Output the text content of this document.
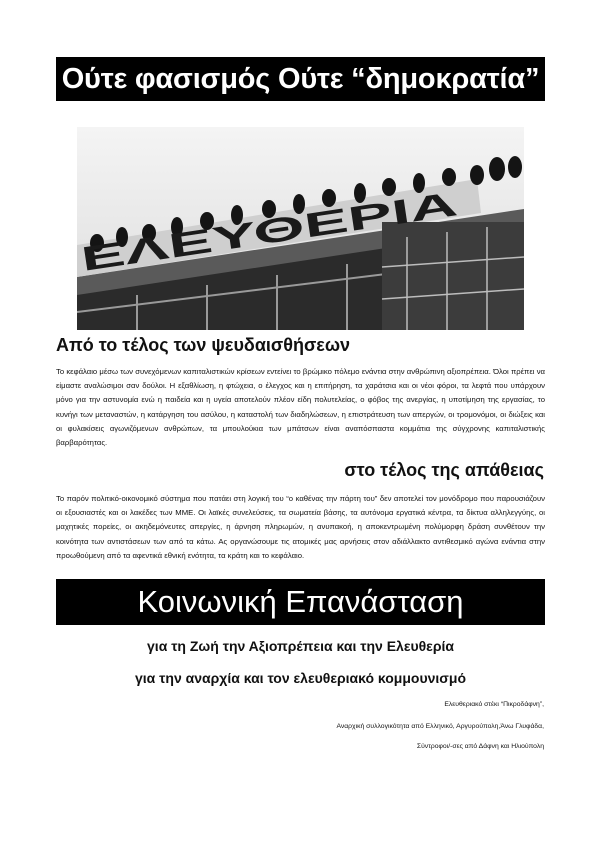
Ούτε φασισμός Ούτε “δημοκρατία”
ΕΛΕΥΘΕΡΙΑ
Από το τέλος των ψευδαισθήσεων

Το κεφάλαιο μέσω των συνεχόμενων καπιταλιστικών κρίσεων εντείνει το βρώμικο πόλεμο ενάντια στην ανθρώπινη αξιοπρέπεια. Όλοι πρέπει να είμαστε αναλώσιμοι σαν δούλοι. Η εξαθλίωση, η φτώχεια, ο έλεγχος και η επιτήρηση, τα χαράτσια και οι νέοι φόροι, τα λεφτά που υπάρχουν μόνο για την αστυνομία ενώ η παιδεία και η υγεία αποτελούν πλέον είδη πολυτελείας, ο φόβος της ανεργίας, η υποτίμηση της εργασίας, το κυνήγι των μεταναστών, η κατάργηση του ασύλου, η καταστολή των διαδηλώσεων, η επιστράτευση των απεργών, οι τρομονόμοι, οι διώξεις και οι φυλακίσεις αγωνιζόμενων ανθρώπων, τα μπουλούκια των μπάτσων είναι αναπόσπαστα κομμάτια της σύγχρονης καπιταλιστικής βαρβαρότητας.

στο τέλος της απάθειας

Το παρόν πολιτικό-οικονομικό σύστημα που πατάει στη λογική του “ο καθένας την πάρτη του” δεν αποτελεί τον μονόδρομο που παρουσιάζουν οι εξουσιαστές και οι λακέδες των ΜΜΕ. Οι λαϊκές συνελεύσεις, τα σωματεία βάσης, τα αυτόνομα εργατικά κέντρα, τα δίκτυα αλληλεγγύης, οι μαχητικές πορείες, οι ακηδεμόνευτες απεργίες, η άρνηση πληρωμών, η ανυπακοή, η αποκεντρωμένη πολύμορφη δράση συνθέτουν την κοινότητα των αντιστάσεων των από τα κάτω. Ας οργανώσουμε τις ατομικές μας αρνήσεις στον αδιάλλακτο αντιθεσμικό αγώνα ενάντια στην προωθούμενη από τα αφεντικά εθνική ενότητα, τα κράτη και το κεφάλαιο.

Κοινωνική Επανάσταση
για τη Ζωή την Αξιοπρέπεια και την Ελευθερία
για την αναρχία και τον ελευθεριακό κομμουνισμό
Ελευθεριακό στέκι “Πικροδάφνη”,
Αναρχική συλλογικότητα από Ελληνικό, Αργυρούπολη,Άνω Γλυφάδα,
Σύντροφοι/-σες από Δάφνη και Ηλιούπολη
